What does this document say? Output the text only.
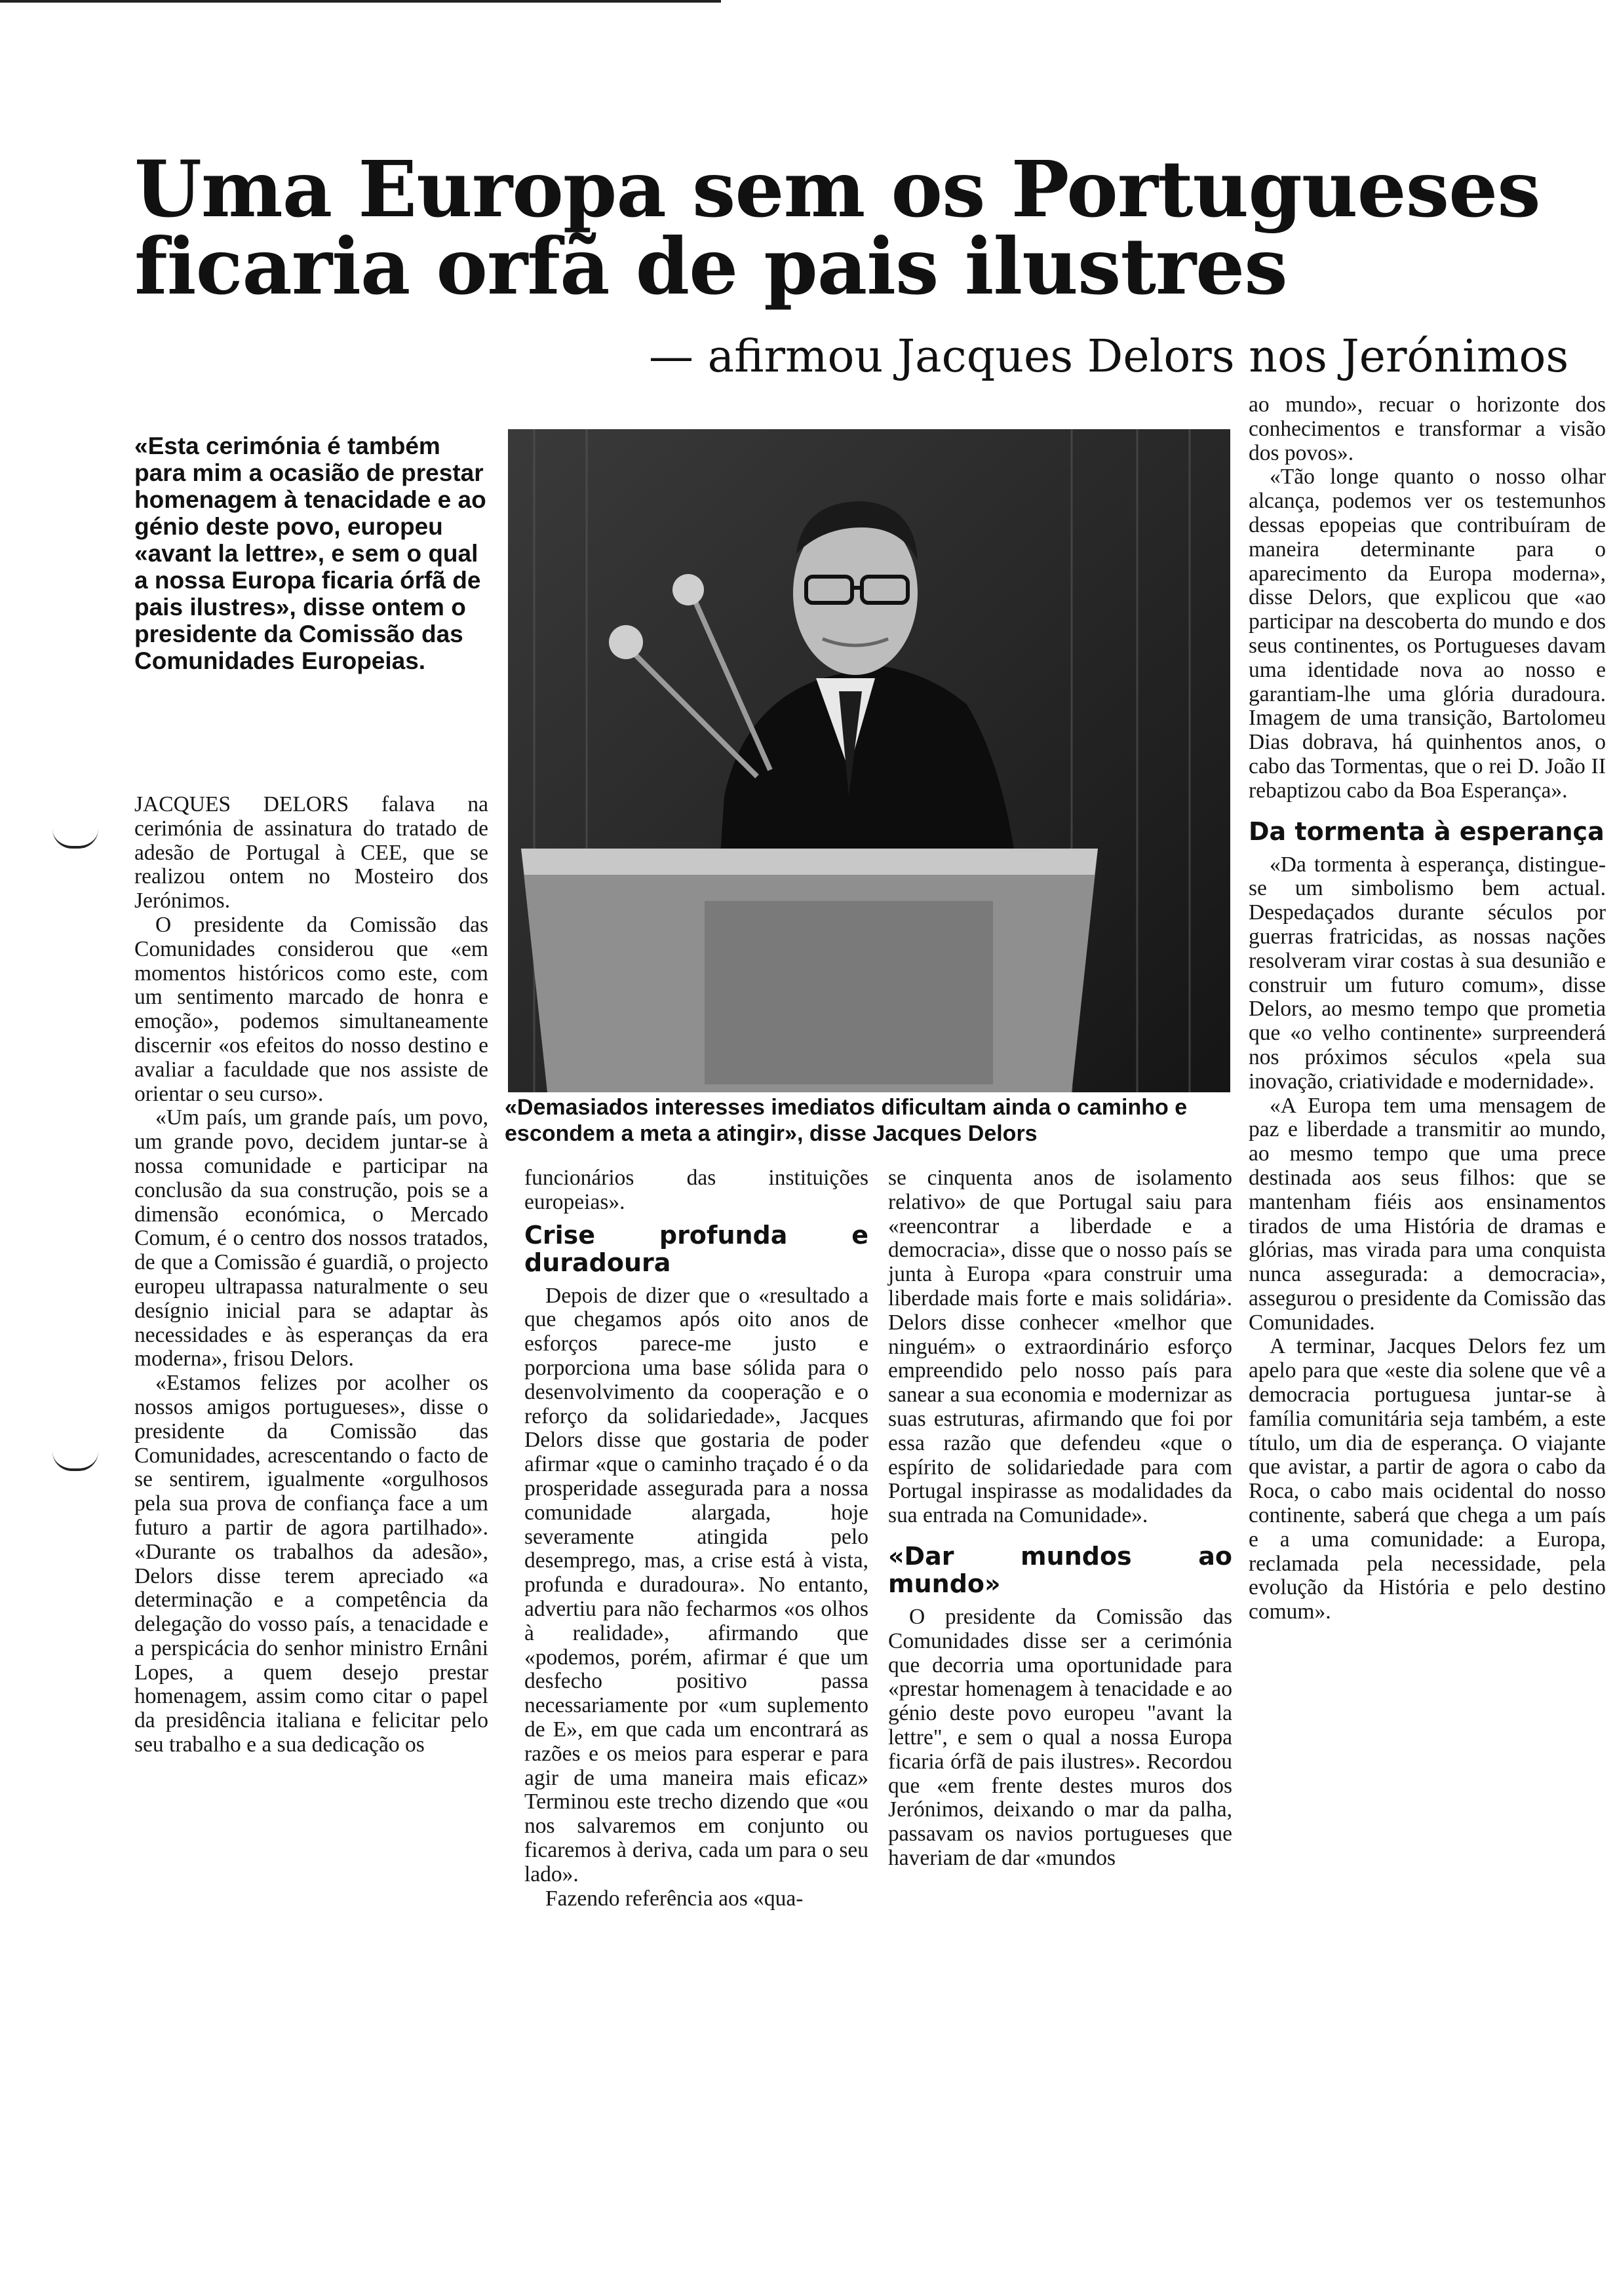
Uma Europa sem os Portugueses
ficaria orfã de pais ilustres
— afirmou Jacques Delors nos Jerónimos

«Esta cerimónia é também para mim a ocasião de prestar homenagem à tenacidade e ao génio deste povo, europeu «avant la lettre», e sem o qual a nossa Europa ficaria órfã de pais ilustres», disse ontem o presidente da Comissão das Comunidades Europeias.

JACQUES DELORS falava na cerimónia de assinatura do tratado de adesão de Portugal à CEE, que se realizou ontem no Mosteiro dos Jerónimos.

O presidente da Comissão das Comunidades considerou que «em momentos históricos como este, com um sentimento marcado de honra e emoção», podemos simultaneamente discernir «os efeitos do nosso destino e avaliar a faculdade que nos assiste de orientar o seu curso».

«Um país, um grande país, um povo, um grande povo, decidem juntar-se à nossa comunidade e participar na conclusão da sua construção, pois se a dimensão económica, o Mercado Comum, é o centro dos nossos tratados, de que a Comissão é guardiã, o projecto europeu ultrapassa naturalmente o seu desígnio inicial para se adaptar às necessidades e às esperanças da era moderna», frisou Delors.

«Estamos felizes por acolher os nossos amigos portugueses», disse o presidente da Comissão das Comunidades, acrescentando o facto de se sentirem, igualmente «orgulhosos pela sua prova de confiança face a um futuro a partir de agora partilhado». «Durante os trabalhos da adesão», Delors disse terem apreciado «a determinação e a competência da delegação do vosso país, a tenacidade e a perspicácia do senhor ministro Ernâni Lopes, a quem desejo prestar homenagem, assim como citar o papel da presidência italiana e felicitar pelo seu trabalho e a sua dedicação os

«Demasiados interesses imediatos dificultam ainda o caminho e escondem a meta a atingir», disse Jacques Delors

funcionários das instituições europeias».

Crise profunda e duradoura

Depois de dizer que o «resultado a que chegamos após oito anos de esforços parece-me justo e porporciona uma base sólida para o desenvolvimento da cooperação e o reforço da solidariedade», Jacques Delors disse que gostaria de poder afirmar «que o caminho traçado é o da prosperidade assegurada para a nossa comunidade alargada, hoje severamente atingida pelo desemprego, mas, a crise está à vista, profunda e duradoura». No entanto, advertiu para não fecharmos «os olhos à realidade», afirmando que «podemos, porém, afirmar é que um desfecho positivo passa necessariamente por «um suplemento de E», em que cada um encontrará as razões e os meios para esperar e para agir de uma maneira mais eficaz» Terminou este trecho dizendo que «ou nos salvaremos em conjunto ou ficaremos à deriva, cada um para o seu lado».

Fazendo referência aos «qua-

se cinquenta anos de isolamento relativo» de que Portugal saiu para «reencontrar a liberdade e a democracia», disse que o nosso país se junta à Europa «para construir uma liberdade mais forte e mais solidária». Delors disse conhecer «melhor que ninguém» o extraordinário esforço empreendido pelo nosso país para sanear a sua economia e modernizar as suas estruturas, afirmando que foi por essa razão que defendeu «que o espírito de solidariedade para com Portugal inspirasse as modalidades da sua entrada na Comunidade».

«Dar mundos ao mundo»

O presidente da Comissão das Comunidades disse ser a cerimónia que decorria uma oportunidade para «prestar homenagem à tenacidade e ao génio deste povo europeu "avant la lettre", e sem o qual a nossa Europa ficaria órfã de pais ilustres». Recordou que «em frente destes muros dos Jerónimos, deixando o mar da palha, passavam os navios portugueses que haveriam de dar «mundos

ao mundo», recuar o horizonte dos conhecimentos e transformar a visão dos povos».

«Tão longe quanto o nosso olhar alcança, podemos ver os testemunhos dessas epopeias que contribuíram de maneira determinante para o aparecimento da Europa moderna», disse Delors, que explicou que «ao participar na descoberta do mundo e dos seus continentes, os Portugueses davam uma identidade nova ao nosso e garantiam-lhe uma glória duradoura. Imagem de uma transição, Bartolomeu Dias dobrava, há quinhentos anos, o cabo das Tormentas, que o rei D. João II rebaptizou cabo da Boa Esperança».

Da tormenta à esperança

«Da tormenta à esperança, distingue-se um simbolismo bem actual. Despedaçados durante séculos por guerras fratricidas, as nossas nações resolveram virar costas à sua desunião e construir um futuro comum», disse Delors, ao mesmo tempo que prometia que «o velho continente» surpreenderá nos próximos séculos «pela sua inovação, criatividade e modernidade».

«A Europa tem uma mensagem de paz e liberdade a transmitir ao mundo, ao mesmo tempo que uma prece destinada aos seus filhos: que se mantenham fiéis aos ensinamentos tirados de uma História de dramas e glórias, mas virada para uma conquista nunca assegurada: a democracia», assegurou o presidente da Comissão das Comunidades.

A terminar, Jacques Delors fez um apelo para que «este dia solene que vê a democracia portuguesa juntar-se à família comunitária seja também, a este título, um dia de esperança. O viajante que avistar, a partir de agora o cabo da Roca, o cabo mais ocidental do nosso continente, saberá que chega a um país e a uma comunidade: a Europa, reclamada pela necessidade, pela evolução da História e pelo destino comum».
